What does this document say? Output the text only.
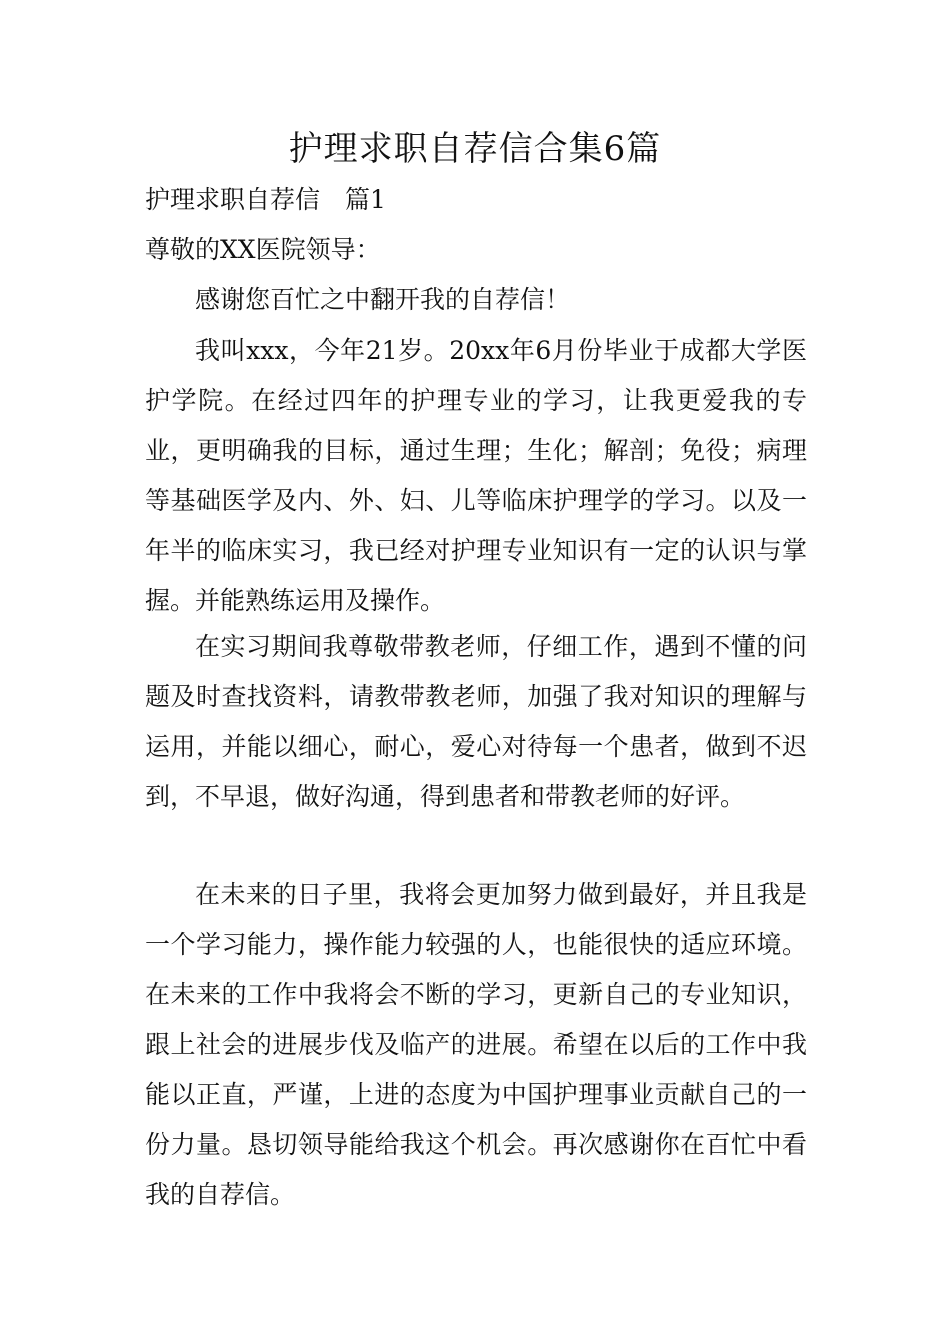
护理求职自荐信合集6篇
护理求职自荐信　篇1
尊敬的XX医院领导：
感谢您百忙之中翻开我的自荐信！

我叫xxx，今年21岁。20xx年6月份毕业于成都大学医护学院。在经过四年的护理专业的学习，让我更爱我的专业，更明确我的目标，通过生理；生化；解剖；免役；病理等基础医学及内、外、妇、儿等临床护理学的学习。以及一年半的临床实习，我已经对护理专业知识有一定的认识与掌握。并能熟练运用及操作。

在实习期间我尊敬带教老师，仔细工作，遇到不懂的问题及时查找资料，请教带教老师，加强了我对知识的理解与运用，并能以细心，耐心，爱心对待每一个患者，做到不迟到，不早退，做好沟通，得到患者和带教老师的好评。

在未来的日子里，我将会更加努力做到最好，并且我是一个学习能力，操作能力较强的人，也能很快的适应环境。在未来的工作中我将会不断的学习，更新自己的专业知识，跟上社会的进展步伐及临产的进展。希望在以后的工作中我能以正直，严谨，上进的态度为中国护理事业贡献自己的一份力量。恳切领导能给我这个机会。再次感谢你在百忙中看我的自荐信。
